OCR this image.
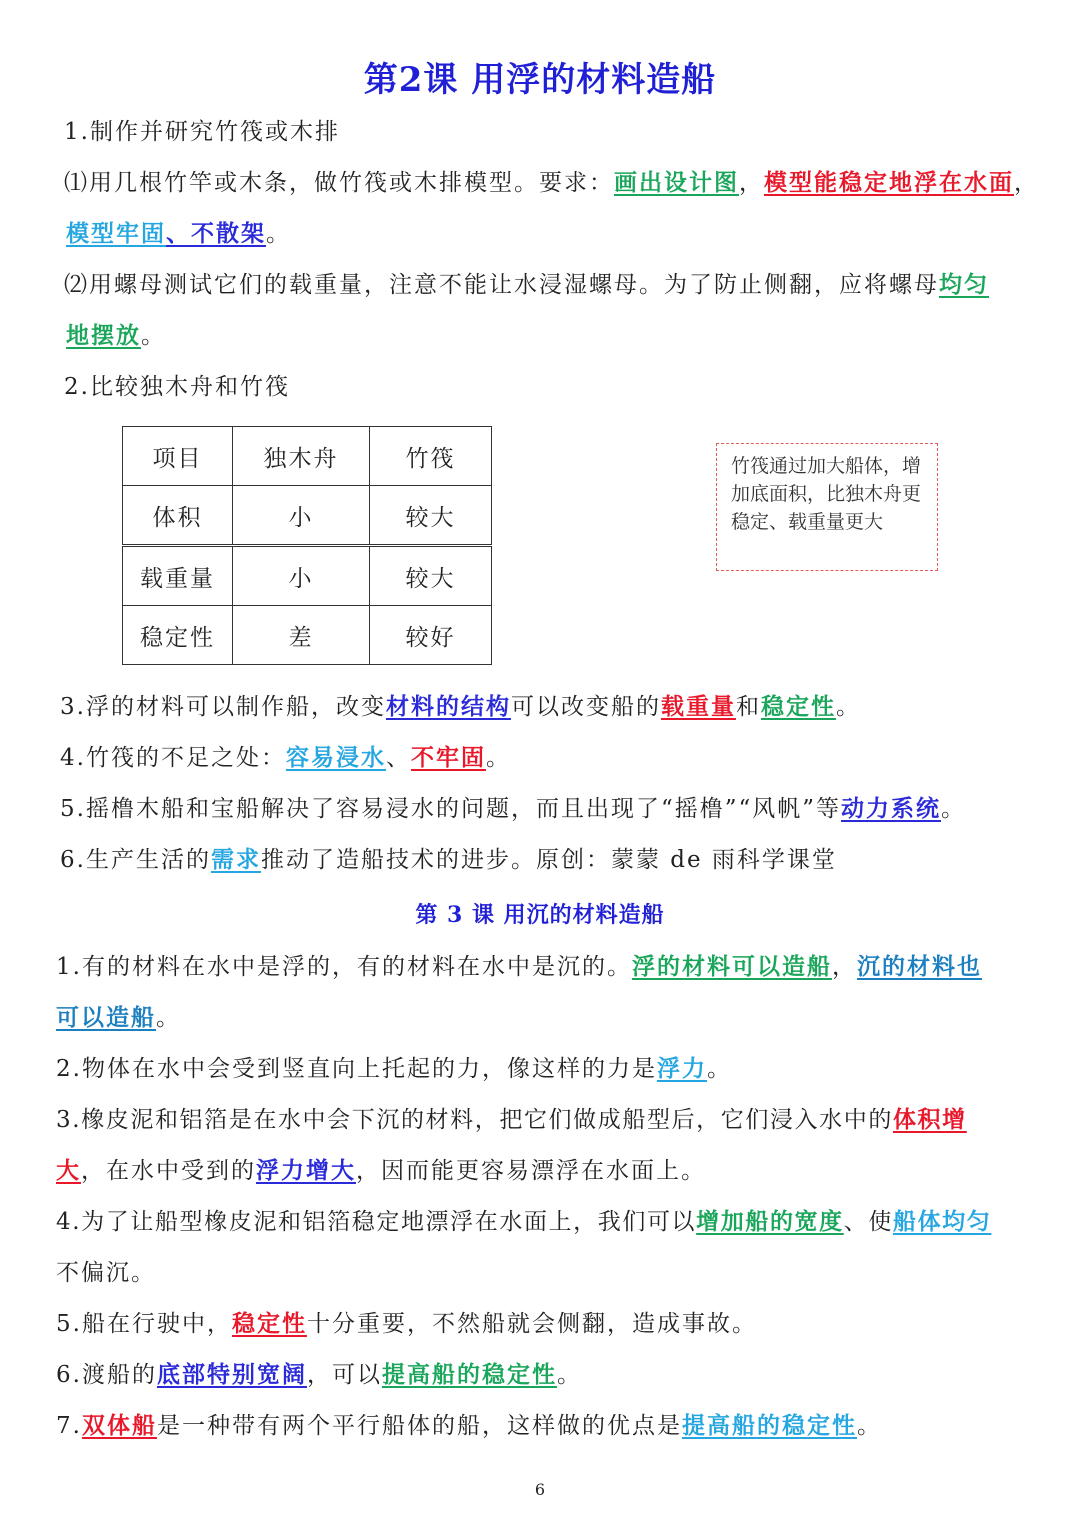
第2课 用浮的材料造船
1.制作并研究竹筏或木排
⑴用几根竹竿或木条，做竹筏或木排模型。要求：画出设计图，模型能稳定地浮在水面，
模型牢固、不散架。
⑵用螺母测试它们的载重量，注意不能让水浸湿螺母。为了防止侧翻，应将螺母均匀
地摆放。
2.比较独木舟和竹筏
项目	独木舟	竹筏
体积	小	较大
载重量	小	较大
稳定性	差	较好
竹筏通过加大船体，增加底面积，比独木舟更稳定、载重量更大
3.浮的材料可以制作船，改变材料的结构可以改变船的载重量和稳定性。
4.竹筏的不足之处：容易浸水、不牢固。
5.摇橹木船和宝船解决了容易浸水的问题，而且出现了“摇橹”“风帆”等动力系统。
6.生产生活的需求推动了造船技术的进步。原创：蒙蒙 de 雨科学课堂
第 3 课 用沉的材料造船
1.有的材料在水中是浮的，有的材料在水中是沉的。浮的材料可以造船，沉的材料也
可以造船。
2.物体在水中会受到竖直向上托起的力，像这样的力是浮力。
3.橡皮泥和铝箔是在水中会下沉的材料，把它们做成船型后，它们浸入水中的体积增
大，在水中受到的浮力增大，因而能更容易漂浮在水面上。
4.为了让船型橡皮泥和铝箔稳定地漂浮在水面上，我们可以增加船的宽度、使船体均匀
不偏沉。
5.船在行驶中，稳定性十分重要，不然船就会侧翻，造成事故。
6.渡船的底部特别宽阔，可以提高船的稳定性。
7.双体船是一种带有两个平行船体的船，这样做的优点是提高船的稳定性。
6
